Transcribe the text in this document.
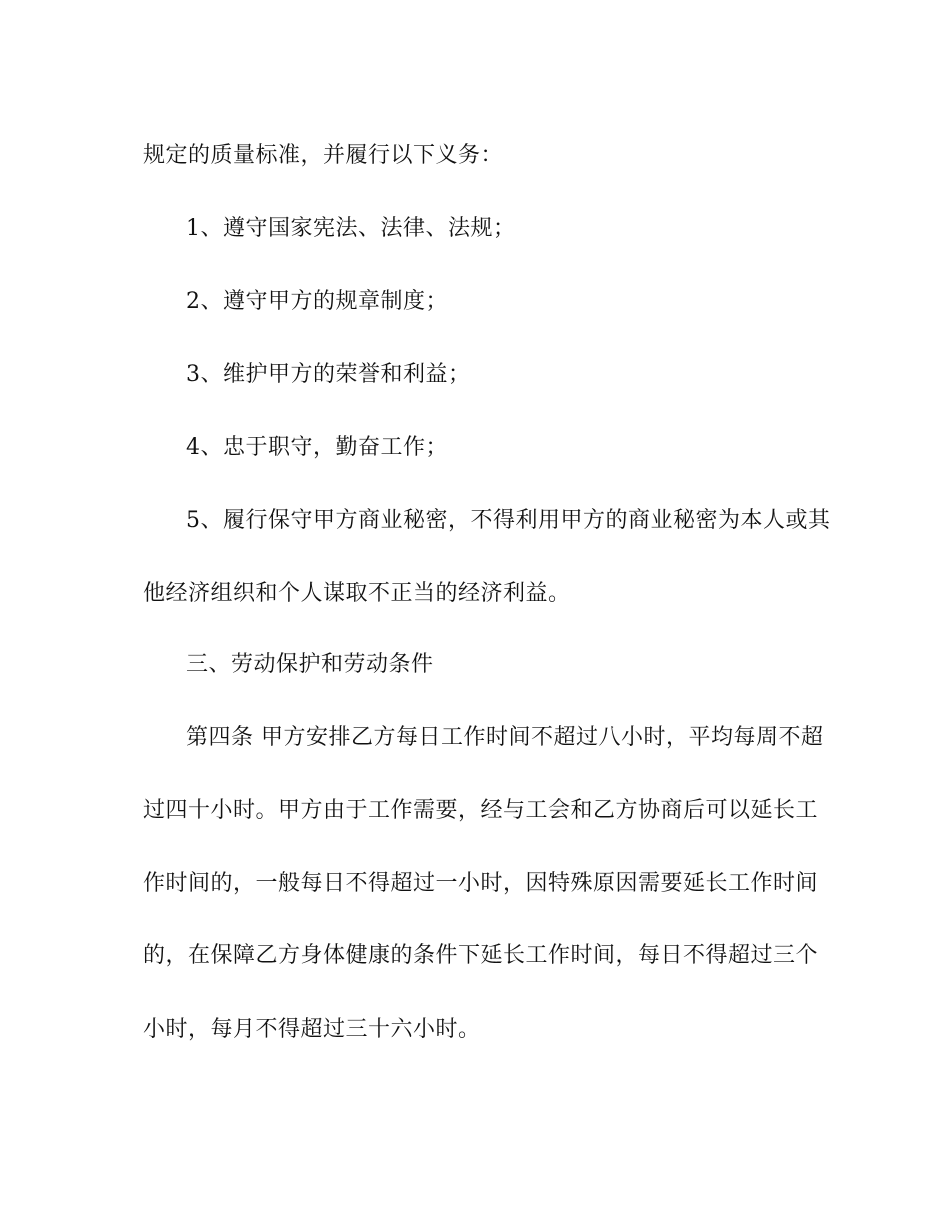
规定的质量标准，并履行以下义务：
1、遵守国家宪法、法律、法规；
2、遵守甲方的规章制度；
3、维护甲方的荣誉和利益；
4、忠于职守，勤奋工作；
5、履行保守甲方商业秘密，不得利用甲方的商业秘密为本人或其
他经济组织和个人谋取不正当的经济利益。
三、劳动保护和劳动条件
第四条 甲方安排乙方每日工作时间不超过八小时，平均每周不超
过四十小时。甲方由于工作需要，经与工会和乙方协商后可以延长工
作时间的，一般每日不得超过一小时，因特殊原因需要延长工作时间
的，在保障乙方身体健康的条件下延长工作时间，每日不得超过三个
小时，每月不得超过三十六小时。
